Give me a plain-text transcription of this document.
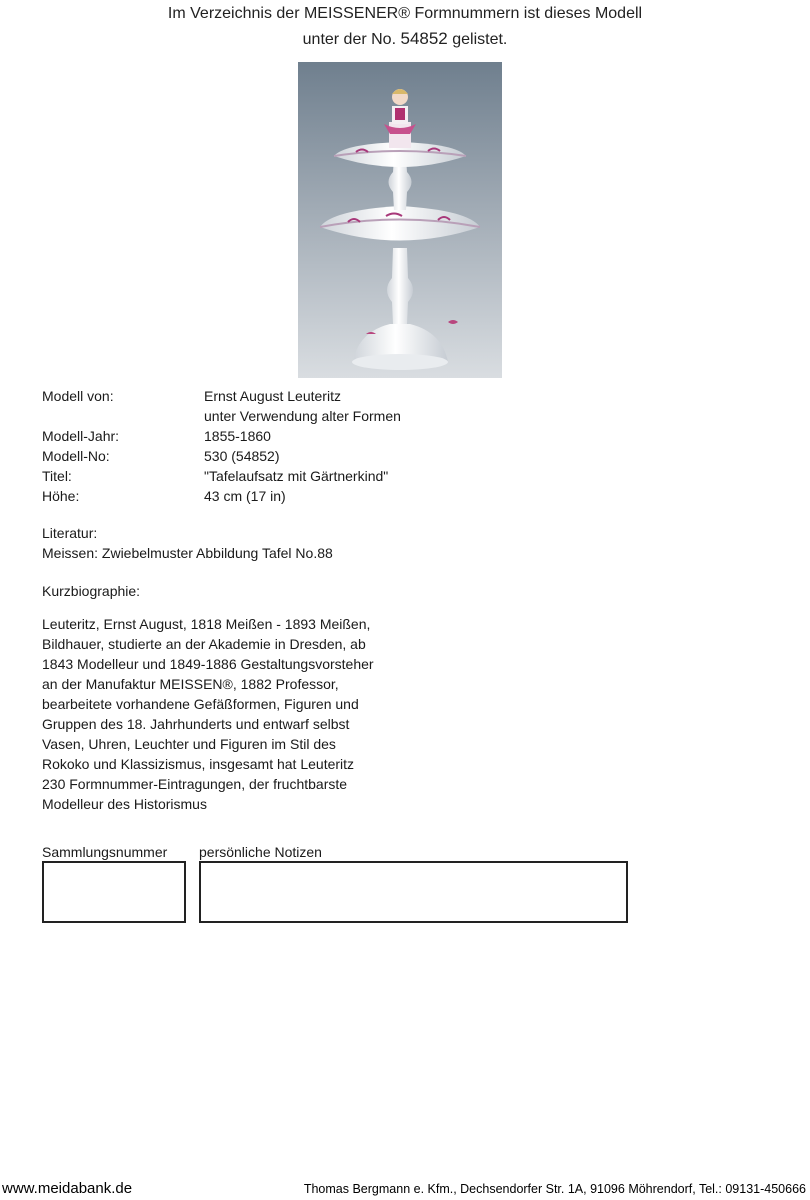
Im Verzeichnis der MEISSENER® Formnummern ist dieses Modell
unter der No. 54852 gelistet.
Modell von:	Ernst August Leuteritz
unter Verwendung alter Formen
Modell-Jahr:	1855-1860
Modell-No:	530 (54852)
Titel:	"Tafelaufsatz mit Gärtnerkind"
Höhe:	43 cm (17 in)
Literatur:
Meissen: Zwiebelmuster Abbildung Tafel No.88
Kurzbiographie:
Leuteritz, Ernst August, 1818 Meißen - 1893 Meißen,
Bildhauer, studierte an der Akademie in Dresden, ab
1843 Modelleur und 1849-1886 Gestaltungsvorsteher
an der Manufaktur MEISSEN®, 1882 Professor,
bearbeitete vorhandene Gefäßformen, Figuren und
Gruppen des 18. Jahrhunderts und entwarf selbst
Vasen, Uhren, Leuchter und Figuren im Stil des
Rokoko und Klassizismus, insgesamt hat Leuteritz
230 Formnummer-Eintragungen, der fruchtbarste
Modelleur des Historismus
Sammlungsnummer persönliche Notizen
www.meidabank.de	Thomas Bergmann e. Kfm., Dechsendorfer Str. 1A, 91096 Möhrendorf, Tel.: 09131-450666
